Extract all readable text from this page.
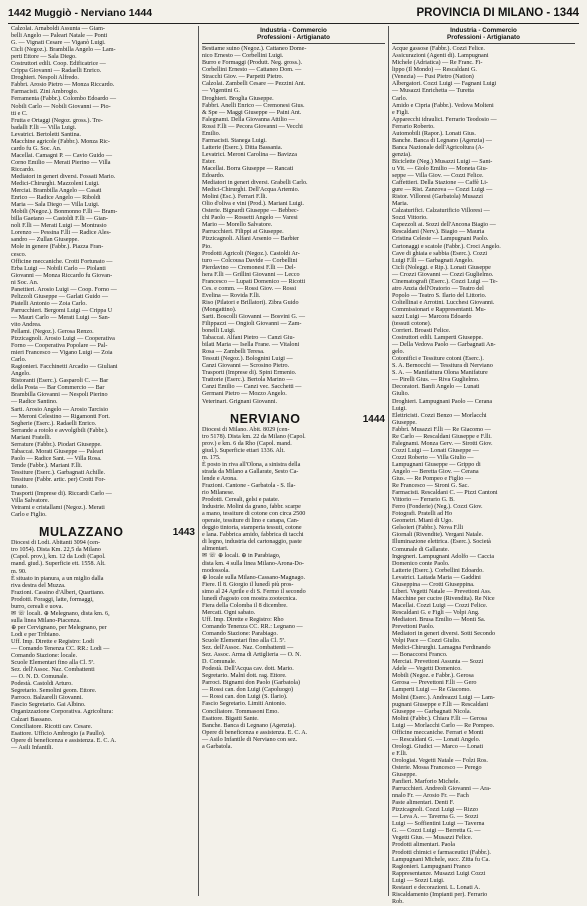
1442 Muggiò - Nerviano 1444	PROVINCIA DI MILANO - 1344

Calzolai. Arnaboldi Assunta — Giam-

belli Angelo — Paleari Natale — Ponti

G. — Vignati Cesare — Viganò Luigi.

Cicli (Negoz.). Brambilla Angelo — Lam-

perti Ettore — Sala Diego.

Costruttori edili. Coop. Edificatrice —

Crippa Giovanni — Radaelli Enrico.

Droghieri. Nespoli Alfredo.

Fabbri. Arosio Pietro — Monza Riccardo.

Farmacisti. Zini Ambrogio.

Ferramenta (Fabbr.). Colombo Edoardo —

Nobili Carlo — Nobili Giovanni — Pio-

tti e C.

Frutta e Ortaggi (Negoz. gross.). Tre-

badalli F.lli — Villa Luigi.

Levatrici. Bertoletti Santina.

Macchine agricole (Fabbr.). Monza Ric-

cardo fu G. Soc. An.

Macellai. Camagni P. — Cavio Guido —

Corno Emilio — Merati Pierino — Villa

Riccardo.

Mediatori in generi diversi. Fossati Mario.

Medici-Chirurghi. Mazzoleni Luigi.

Merciai. Brambilla Angelo — Casati

Enrico — Radice Angelo — Riboldi

Maria — Sala Diego — Villa Luigi.

Mobili (Negoz.). Bonmonno F.lli — Bram-

billa Gaetano — Castoldi F.lli — Gian-

noli F.lli — Merati Luigi — Montrasio

Lorenzo — Pessina F.lli — Radice Ales-

sandro — Zullan Giuseppe.

Mole in genere (Fabbr.). Piazza Fran-

cesco.

Officine meccaniche. Crotti Fortunato —

Erba Luigi — Nobili Carlo — Piolanti

Giovanni — Monza Riccardo fu Giovan-

ni Soc. An.

Panettieri. Arosio Luigi — Coop. Forno —

Pelizzoli Giuseppe — Garlati Guido —

Piatelli Antonio — Zoia Carlo.

Parrucchieri. Bergomi Luigi — Crippa U

— Mauri Carlo — Merati Luigi — San-

vito Andrea.

Pellami. (Negoz.). Gerosa Renzo.

Pizzicagnoli. Arosio Luigi — Cooperativa

Forno — Cooperativa Popolare — Pal-

mieri Francesco — Vigano Luigi — Zoia

Carlo.

Ragionieri. Facchinetti Arcadio — Giuliani

Angelo.

Ristoranti (Eserc.). Gasparoli C. — Bar

della Posta — Bar Commercio — Bar

Brambilla Giovanni — Nespoli Pierino

— Radice Santino.

Sarti. Arosio Angelo — Arosio Tarcisio

— Meroni Celestino — Rigamonti Fort.

Segherie (Eserc.). Radaelli Enrico.

Serrande a rotolo e avvolgibili (Fabbr.).

Mariani Fratelli.

Serrature (Fabbr.). Piodari Giuseppe.

Tabaccai. Morati Giuseppe — Paleari

Paolo — Radice Sant. — Villa Rosa.

Tende (Fabbr.). Mariani F.lli.

Tessiture (Eserc.). Garbagnati Achille.

Tessiture (Fabbr. artic. per) Crotti For-

tunato.

Trasporti (Imprese di). Riccardi Carlo —

Villa Salvatore.

Vetrami e cristallami (Negoz.). Merati

Carlo e Figlio.

MULAZZANO	1443

Diocesi di Lodi. Abitanti 3094 (cen-

tro 1054). Dista Km. 22,5 da Milano

(Capol. prov.), km. 12 da Lodi (Capol.

mand. giud.). Superficie ett. 1558. Alt.

m. 90.

È situato in pianura, a un miglio dalla

riva destra del Muzza.

Frazioni. Cassino d'Alberi, Quartiano.

Prodotti. Foraggi, latte, formaggi,

burro, cereali e uova.

✉ ☏ locali. ⊕ Melegnano, dista km. 6,

sulla linea Milano-Piacenza.

⊕ per Cervignano, per Melegnano, per

Lodi e per Tribiano.

Uff. Imp. Dirette e Registro: Lodi

— Comando Tenenza CC. RR.: Lodi —

Comando Stazione: locale.

Scuole Elementari fino alla Cl. 5ª.

Sez. dell'Assoc. Naz. Combattenti

— O. N. D. Comunale.

Podestà. Castoldi Arturo.

Segretario. Semolini geom. Ettore.

Parroco. Balzarelli Giovanni.

Fascio Segretario. Gai Albino.

Organizzazione Corporativa. Agricoltura:

Calzari Bassano.

Conciliatore. Ricotti cav. Cesare.

Esattore. Ufficio Ambrogio (a Paullo).

Opere di beneficenza e assistenza. E. C. A.

— Asili Infantili.

Industria - Commercio
Professioni - Artigianato

Bestiame suino (Negoz.). Cattaneo Dome-

nico Ernesto — Corbellini Luigi.

Burro e Formaggi (Produtt. Neg. gross.).

Corbellini Ernesto — Cattaneo Dom. —

Stracchi Giov. — Parpetti Pietro.

Calzolai. Zambelli Cesare — Pezzini Ant.

— Vigentini G.

Droghieri. Broglia Giuseppe.

Fabbri. Anelli Enrico — Cremonesi Gius.

& Spe — Maggi Giuseppe — Paini Ant.

Falegnami. Della Giovanna Attilio —

Rossi F.lli — Pecora Giovanni — Vecchi

Emilio.

Farmacisti. Stanega Luigi.

Latterie (Eserc.). Ditta Bassania.

Levatrici. Meroni Carolina — Bavizza

Ester.

Macellai. Borra Giuseppe — Rancati

Edoardo.

Mediatori in generi diversi. Grabelli Carlo.

Medici-Chirurghi. Dell'Acqua Artemio.

Molini (Esc.). Ferrari F.lli.

Olio d'oliva e vini (Prod.). Mariani Luigi.

Osterie. Bignardi Giuseppe — Bebbec-

chi Paolo — Rossetti Angelo — Varesi

Mario — Morello Salvatore.

Parrucchieri. Filippi at Giuseppe.

Pizzicagnoli. Alfani Arsenio — Barbier

Pio.

Prodotti Agricoli (Negoz.). Castoldi Ar-

turo — Colcousa Davide — Corbellini

Pierdavino — Cremonesi F.lli — Del-

hera F.lli — Grillini Giovanni — Lecco

Francesco — Lupati Domenico — Ricotti

Ces. e comm. — Rossi Giov. — Rossi

Evelina — Rovida F.lli.

Riso (Pilatori e Brillatori). Zibra Guido

(Mongattino).

Sarti. Boscolli Giovanni — Bosvini G. —

Filippazzi — Ongioli Giovanni — Zam-

bonelli Luigi.

Tabaccai. Alfani Pietro — Canzi Giu-

bilati Maria — Isella Frane. — Vitaloni

Rosa — Zambelli Teresa.

Tessuti (Negoz.). Bolognini Luigi —

Canzi Giovanni — Scrosino Pietro.

Trasporti (Imprese di). Spini Ermenio.

Trattorie (Eserc.). Bertola Marino —

Canzi Emilio — Canzi vec. Sacchetti —

Germani Pietro — Mozzo Angelo.

Veterinari. Grignani Giovanni.

NERVIANO	1444

Diocesi di Milano. Abit. 8029 (cen-

tro 5178). Dista km. 22 da Milano (Capol.

prov.) e km. 6 da Rho (Capol. mand.

giud.). Superficie ettari 1336. Alt.

m. 175.

È posto in riva all'Olona, a sinistra della

strada da Milano a Gallarate, Sesto Ca-

lende e Arona.

Frazioni. Cantone - Garbatola - S. Ila-

rio Milanese.

Prodotti. Cereali, gelsi e patate.

Industrie. Molini da grano, fabbr. scarpe

a mano, tessiture di cotone con circa 2500

operaie, tessiture di lino e canapa, Can-

deggio tintoria, stamperia tessuti, cotone

e lana. Fabbrica amido, fabbrica di tacchi

di legno, industria del cartonaggio, paste

alimentari.

✉ ☏ ⊕ locali. ⊕ in Parabiago,

dista km. 4 sulla linea Milano-Arona-Do-

modossola.

⊕ locale sulla Milano-Cassano-Magnago.

Fiere. Il 8. Giorgio il lunedì più pros-

simo al 24 Aprile e di S. Fermo il secondo

lunedì d'agosto con mostra zootecnica.

Fiera della Colomba il 8 dicembre.

Mercati. Ogni sabato.

Uff. Imp. Dirette e Registro: Rho

Comando Tenenza CC. RR.: Legnano —

Comando Stazione: Parabiago.

Scuole Elementari fino alla Cl. 5ª.

Sez. dell'Assoc. Naz. Combattenti —

Sez. Assoc. Arma di Artiglieria — O. N.

D. Comunale.

Podestà. Dell'Acqua cav. dott. Mario.

Segretario. Malni dott. rag. Ettore.

Parroci. Bignami don Paolo (Garbatola)

— Rossi can. don Luigi (Capoluogo)

— Rossi can. don Luigi (S. Ilario).

Fascio Segretario. Limiti Antonio.

Conciliatore. Tommasoni Emo.

Esattore. Bigatti Sante.

Banche. Banca di Legnano (Agenzia).

Opere di beneficenza e assistenza. E. C. A.

— Asilo Infantile di Nerviano con sez.

a Garbatola.

Industria - Commercio
Professioni - Artigianato

Acque gassose (Fabbr.). Cozzi Felice.

Assicurazioni (Agenti di). Lampugnani

Michele (Adriatica) — Re Franc. Fi-

lippo (Il Mondo) — Rescaldani G.

(Venezia) — Fusi Pietro (Nation)

Albergatori. Cozzi Luigi — Fagnani Luigi

— Musazzi Enrichetta — Turetta

Carlo.

Amido e Cipria (Fabbr.). Vedova Molteni

e Figli.

Apparecchi idraulici. Ferrario Teodosio —

Ferrario Roberto.

Automobili (Rapor.). Lonati Gius.

Banche. Banca di Legnano (Agenzia) —

Banca Nazionale dell'Agricoltura (A-

genzia).

Biciclette (Neg.) Musazzi Luigi — Sant-

u Vit. — Giolo Emilio — Moneta Giu-

seppe — Villa Giov. — Cozzi Felice.

Caffettieri. Della Stazione — Caffè Li-

gure — Rist. Zanzova — Cozzi Luigi —

Ristor. Villoresi (Garbatola) Musazzi

Maria.

Calzaturifici. Calzaturificio Villoresi —

Sozzi Vittorio.

Capezzoli ai. Sozzi dell'Ancona Biagio —

Rescaldani (Nerv.). Biagio — Mauria

Cristina Celeste — Lampugnani Paolo.

Cartonaggi e scatole (Fabbr.). Croci Angelo.

Cave di ghiaia e sabbia (Eserc.). Cozzi

Luigi F.lli — Garbagnati Angelo.

Cicli (Noleggi. e Rip.). Lonati Giuseppe

— Crozzi Giovanni — Cozzi Guglielmo.

Cinematografi (Eserc.). Cozzi Luigi — Te-

atro Anzia dell'Oratorio — Teatro del

Popolo — Teatro S. Ilario del Littorio.

Coltellinai e Arrotini. Lucchesi Giovanni.

Commissionari e Rappresentanti. Mu-

sazzi Luigi — Marcora Edoardo

(tessuti cotone).

Corrieri. Broasti Felice.

Costruttori edili. Lamperti Giuseppe.

— Della Vedova Paolo — Garbagnati An-

gelo.

Cotonifici e Tessiture cotoni (Eserc.).

S. A. Bernocchi — Tessitura di Nerviano

S. A. — Manifattura Olona Manifature

— Pirelli Gius. — Riva Guglielmo.

Decoratori. Banfi Angelo — Lunati

Giulio.

Droghieri. Lampugnani Paolo — Cerana

Luigi.

Elettricisti. Cozzi Benzo — Morlacchi

Giuseppe.

Fabbri. Musazzi F.lli — Re Giacomo —

Re Carlo — Rescaldani Giuseppe e F.lli.

Falegnami. Monza Gerv. — Sirotti Giov.

Cozzi Luigi — Lonati Giuseppe —

Cozzi Roberto — Villa Giulio —

Lampugnani Giuseppe — Grippo di

Angelo — Beretta Giov. — Cerana

Gius. — Re Pompeo e Figlio —

Re Francesco — Sironi G. Sac.

Farmacisti. Rescaldani C. — Pizzi Cantoni

Vittorio — Ferrario G. B.

Ferro (Fonderie) (Neg.). Cozzi Giov.

Fotografi. Pratelli ad Ho

Geometri. Miani di Ugo.

Gelsoieri (Fabbr.). Nova F.lli

Giornali (Rivendite). Vergani Natale.

Illuminazione elettrica. (Eserc.). Società

Comunale di Gallarate.

Ingegneri. Lampugnani Adolfo — Caccia

Domenico conte Paolo.

Latterie (Eserc.). Corbellini Edoardo.

Levatrici. Laitada Maria — Gaddini

Giuseppina — Crotti Giuseppina.

Liberi. Vegetti Natale — Prevettoni Ass.

Macchine per cucire (Rivendita). Re Nice

Macellai. Cozzi Luigi — Cozzi Felice.

Rescaldani G. e Figli — Volpi Ang.

Mediatori. Brusa Emilio — Monti Sa.

Prevettoni Paolo.

Mediatori in generi diversi. Sotti Secondo

Volpi Pace — Cozzi Giulio.

Medici-Chirurghi. Lamagna Ferdinando

— Bonaccorsi Franco.

Merciai. Prevettoni Assunta — Sozzi

Adele — Vegetti Domenico.

Mobili (Negoz. e Fabbr.). Gerosa

Gerosa — Prevettoni F.lli — Gero

Lamperti Luigi — Re Giacomo.

Molini (Eserc.). Andreazzi Luigi — Lam-

pugnani Giuseppe e F.lli — Rescaldani

Giuseppe — Garbagnati Nicola.

Molini (Fabbr.). Chiara F.lli — Gerosa

Luigi — Morlacchi Carlo — Re Pompeo.

Officine meccaniche. Ferrari e Monti

— Rescaldani G. — Lonati Angelo.

Orologi. Giudici — Marco — Lonati

e F.lli.

Orologiai. Vegetti Natale — Folzi Ros.

Osterie. Mossa Francesco — Perego

Giuseppe.

Panfieri. Marforio Michele.

Parrucchieri. Andreoli Giovanni — Ara-

nnalo Fr. — Arosio Fr. — Fach

Paste alimentari. Denti F.

Pizzicagnoli. Cozzi Luigi — Rizzo

— Leva A. — Taverna G. — Sozzi

Luigi — Soffientini Luigi — Taverna

G. — Cozzi Luigi — Berretta G. —

Vegetti Gius. — Musazzi Felice.

Prodotti alimentari. Paola

Prodotti chimici e farmaceutici (Fabbr.).

Lampugnani Michele, succ. Zitta fu Ca.

Ragionieri. Lampugnani Franco

Rappresentanze. Musazzi Luigi Cozzi

Luigi — Sozzi Luigi.

Restauri e decorazioni. L. Lonati A.

Riscaldamento (Impianti per). Ferrario

Rob.
